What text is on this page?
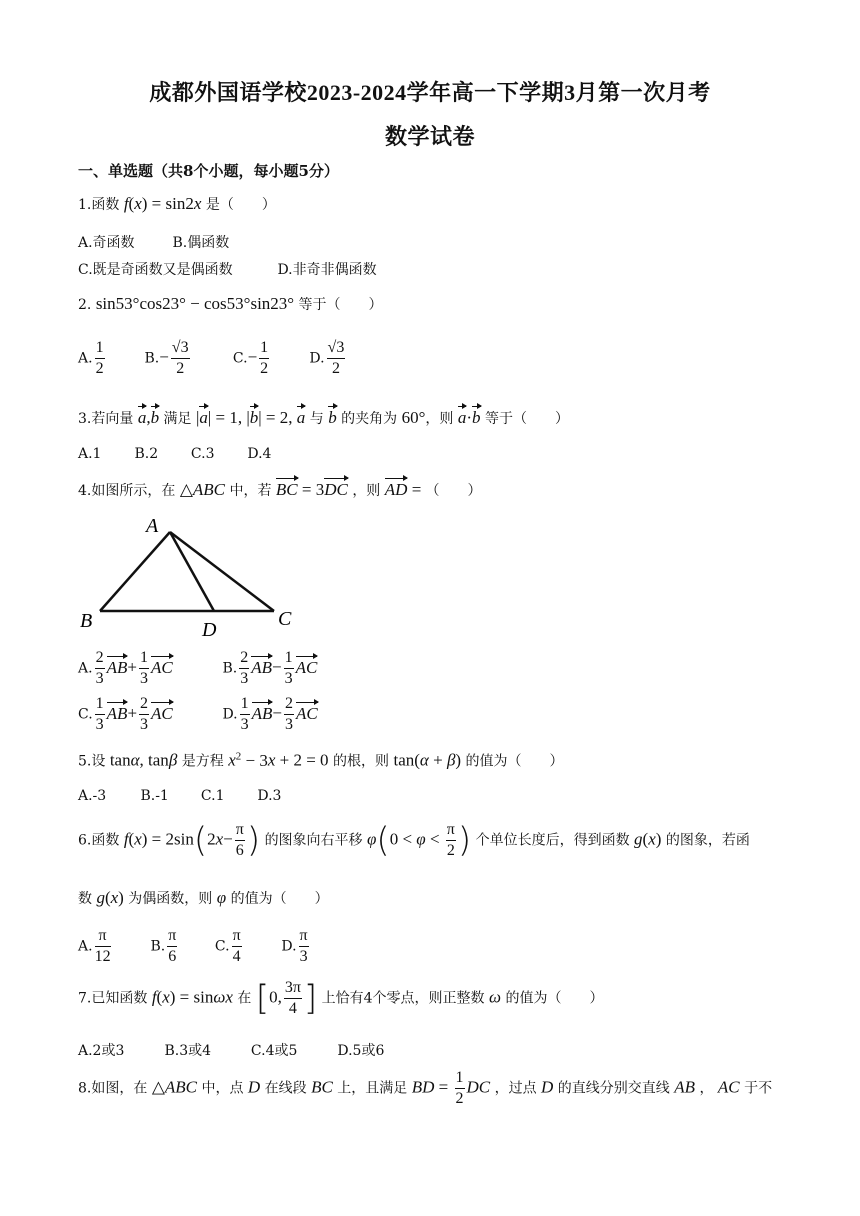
成都外国语学校2023-2024学年高一下学期3月第一次月考
数学试卷
一、单选题（共8个小题，每小题5分）
1.函数 f(x) = sin2x 是（　　）
A.奇函数	B.偶函数
C.既是奇函数又是偶函数	D.非奇非偶函数
2. sin53°cos23° − cos53°sin23° 等于（　　）
A. $\frac{1}{2}$	$B.- \frac{√3}{2}$	$C.- \frac{1}{2}$	D. $\frac{√3}{2}$
3.若向量 a,b 满足 |a| = 1, |b| = 2, a 与 b 的夹角为 60°，则 a·b 等于（　　）
A.1 B.2 C.3 D.4
4.如图所示，在 △ABC 中，若 BC = 3DC ，则 AD = （　　）
A
B	C
D
A. $\frac{2}{3} AB+ \frac{1}{3}$ AC	B. $\frac{2}{3} AB- \frac{1}{3}$ AC
C. $\frac{1}{3} AB+ \frac{2}{3}$ AC	D. $\frac{1}{3} AB- \frac{2}{3}$ AC
5.设 tanα, tanβ 是方程 $x^2 - 3x + 2 = 0$ 的根，则 tan(α + β) 的值为（　　）
A.-3 B.-1 C.1 D.3
6.函数 $f(x) = 2\sin(2x- \frac{\pi}{6}$ ) 的图象向右平移 $\varphi(0 < \varphi < \frac{\pi}{2}$ ) 个单位长度后，得到函数 g(x) 的图象，若函
数 g(x) 为偶函数，则 φ 的值为（　　）
A. $\frac{\pi}{12}$	B. $\frac{\pi}{6}$	C. $\frac{\pi}{4}$	D. $\frac{\pi}{3}$
7.已知函数 f(x) = sinωx 在 [0, $\frac{3\pi}{4}$ ] 上恰有4个零点，则正整数 ω 的值为（　　）
A.2或3	B.3或4	C.4或5	D.5或6
8.如图，在 △ABC 中，点 D 在线段 BC 上，且满足 BD = $\frac{1}{2}$ DC ，过点 D 的直线分别交直线 AB ， AC 于不
